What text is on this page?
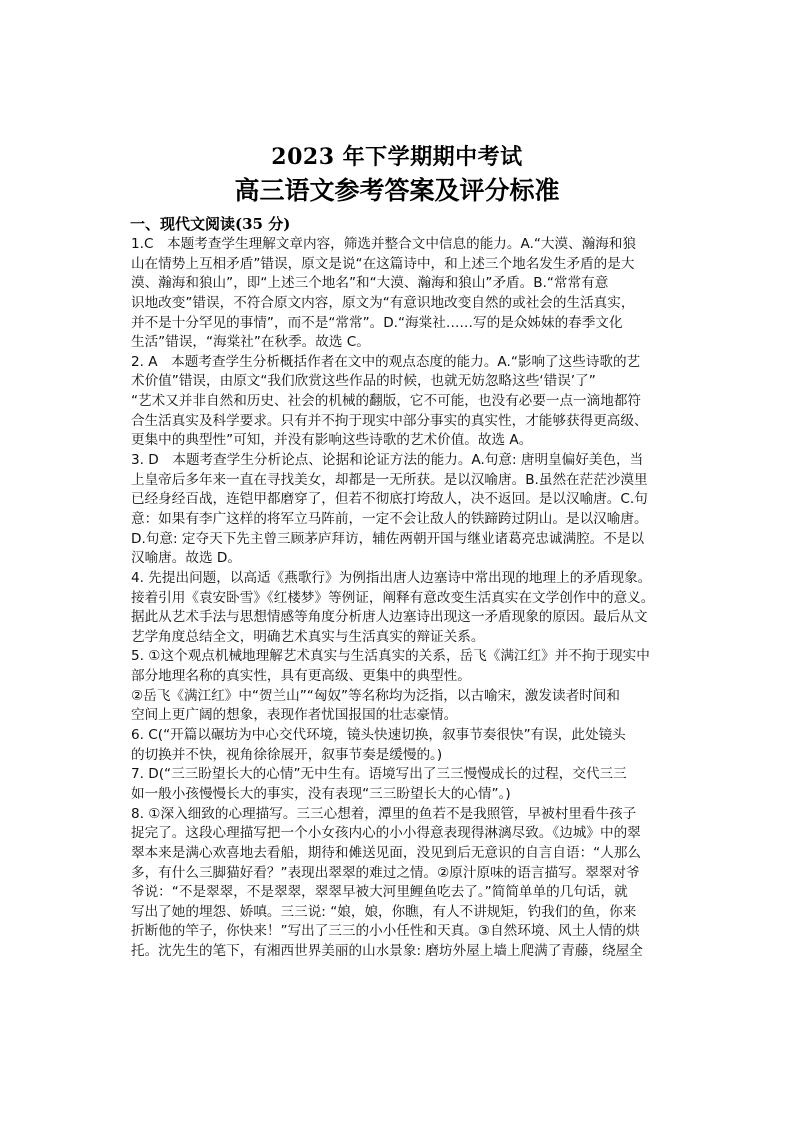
2023 年下学期期中考试
高三语文参考答案及评分标准
一、现代文阅读(35 分)
1.C　本题考查学生理解文章内容，筛选并整合文中信息的能力。A.“大漠、瀚海和狼
山在情势上互相矛盾”错误，原文是说“在这篇诗中，和上述三个地名发生矛盾的是大
漠、瀚海和狼山”，即“上述三个地名”和“大漠、瀚海和狼山”矛盾。B.“常常有意
识地改变”错误，不符合原文内容，原文为“有意识地改变自然的或社会的生活真实，
并不是十分罕见的事情”，而不是“常常”。D.“海棠社……写的是众姊妹的春季文化
生活”错误，“海棠社”在秋季。故选 C。
2. A　本题考查学生分析概括作者在文中的观点态度的能力。A.“影响了这些诗歌的艺
术价值”错误，由原文“我们欣赏这些作品的时候，也就无妨忽略这些‘错误’了”
“艺术又并非自然和历史、社会的机械的翻版，它不可能，也没有必要一点一滴地都符
合生活真实及科学要求。只有并不拘于现实中部分事实的真实性，才能够获得更高级、
更集中的典型性”可知，并没有影响这些诗歌的艺术价值。故选 A。
3. D　本题考查学生分析论点、论据和论证方法的能力。A.句意: 唐明皇偏好美色，当
上皇帝后多年来一直在寻找美女，却都是一无所获。是以汉喻唐。B.虽然在茫茫沙漠里
已经身经百战，连铠甲都磨穿了，但若不彻底打垮敌人，决不返回。是以汉喻唐。C.句
意：如果有李广这样的将军立马阵前，一定不会让敌人的铁蹄跨过阴山。是以汉喻唐。
D.句意: 定夺天下先主曾三顾茅庐拜访，辅佐两朝开国与继业诸葛亮忠诚满腔。不是以
汉喻唐。故选 D。
4. 先提出问题，以高适《燕歌行》为例指出唐人边塞诗中常出现的地理上的矛盾现象。
接着引用《袁安卧雪》《红楼梦》等例证，阐释有意改变生活真实在文学创作中的意义。
据此从艺术手法与思想情感等角度分析唐人边塞诗出现这一矛盾现象的原因。最后从文
艺学角度总结全文，明确艺术真实与生活真实的辩证关系。
5. ①这个观点机械地理解艺术真实与生活真实的关系，岳飞《满江红》并不拘于现实中
部分地理名称的真实性，具有更高级、更集中的典型性。
②岳飞《满江红》中“贺兰山”“匈奴”等名称均为泛指，以古喻宋，激发读者时间和
空间上更广阔的想象，表现作者忧国报国的壮志豪情。
6. C(“开篇以碾坊为中心交代环境，镜头快速切换，叙事节奏很快”有误，此处镜头
的切换并不快，视角徐徐展开，叙事节奏是缓慢的。)
7. D(“三三盼望长大的心情”无中生有。语境写出了三三慢慢成长的过程，交代三三
如一般小孩慢慢长大的事实，没有表现“三三盼望长大的心情”。)
8. ①深入细致的心理描写。三三心想着，潭里的鱼若不是我照管，早被村里看牛孩子
捉完了。这段心理描写把一个小女孩内心的小小得意表现得淋漓尽致。《边城》中的翠
翠本来是满心欢喜地去看船，期待和傩送见面，没见到后无意识的自言自语：“人那么
多，有什么三脚猫好看？”表现出翠翠的难过之情。②原汁原味的语言描写。翠翠对爷
爷说：“不是翠翠，不是翠翠，翠翠早被大河里鲤鱼吃去了。”简简单单的几句话，就
写出了她的埋怨、娇嗔。三三说: “娘，娘，你瞧，有人不讲规矩，钓我们的鱼，你来
折断他的竿子，你快来！”写出了三三的小小任性和天真。③自然环境、风土人情的烘
托。沈先生的笔下，有湘西世界美丽的山水景象: 磨坊外屋上墙上爬满了青藤，绕屋全
